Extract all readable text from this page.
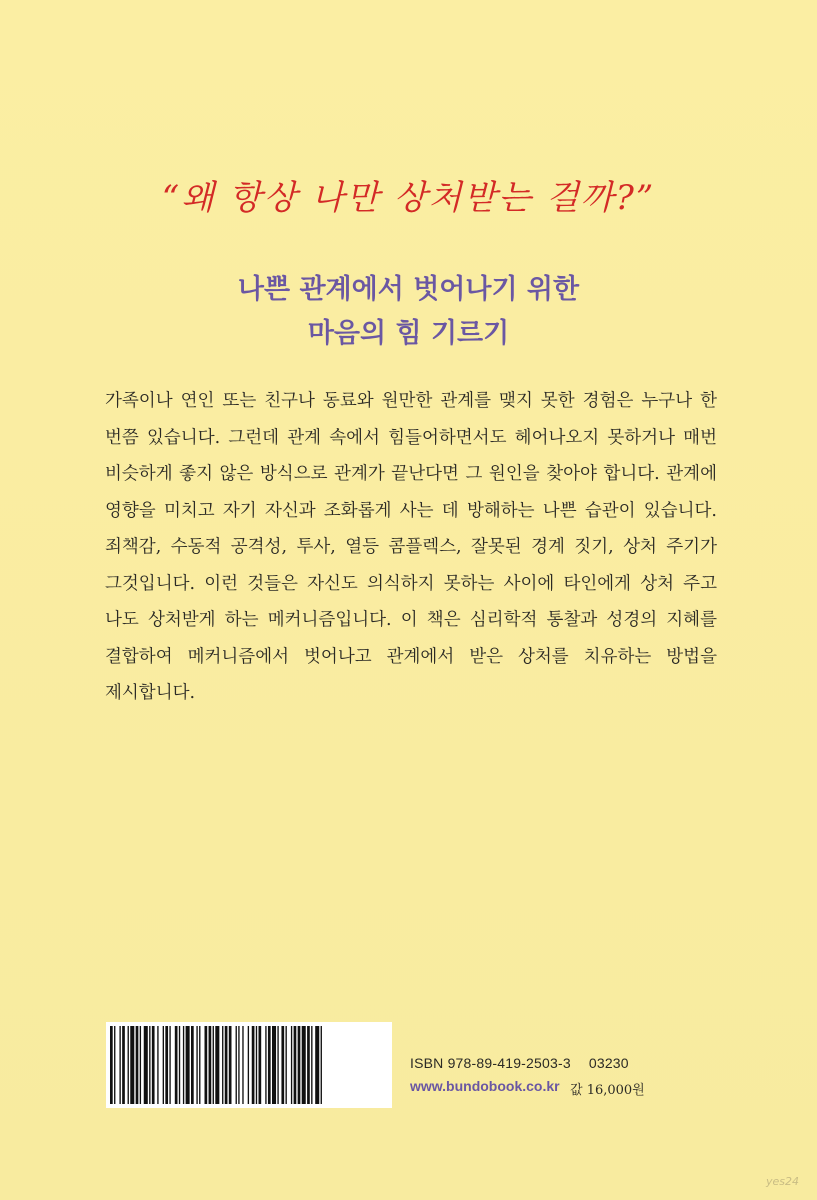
“왜 항상 나만 상처받는 걸까?”
나쁜 관계에서 벗어나기 위한
마음의 힘 기르기
가족이나 연인 또는 친구나 동료와 원만한 관계를 맺지 못한 경험은 누구나 한 번쯤 있습니다. 그런데 관계 속에서 힘들어하면서도 헤어나오지 못하거나 매번 비슷하게 좋지 않은 방식으로 관계가 끝난다면 그 원인을 찾아야 합니다. 관계에 영향을 미치고 자기 자신과 조화롭게 사는 데 방해하는 나쁜 습관이 있습니다. 죄책감, 수동적 공격성, 투사, 열등 콤플렉스, 잘못된 경계 짓기, 상처 주기가 그것입니다. 이런 것들은 자신도 의식하지 못하는 사이에 타인에게 상처 주고 나도 상처받게 하는 메커니즘입니다. 이 책은 심리학적 통찰과 성경의 지혜를 결합하여 메커니즘에서 벗어나고 관계에서 받은 상처를 치유하는 방법을 제시합니다.
ISBN 978-89-419-2503-3 03230
www.bundobook.co.kr 값 16,000원
yes24
